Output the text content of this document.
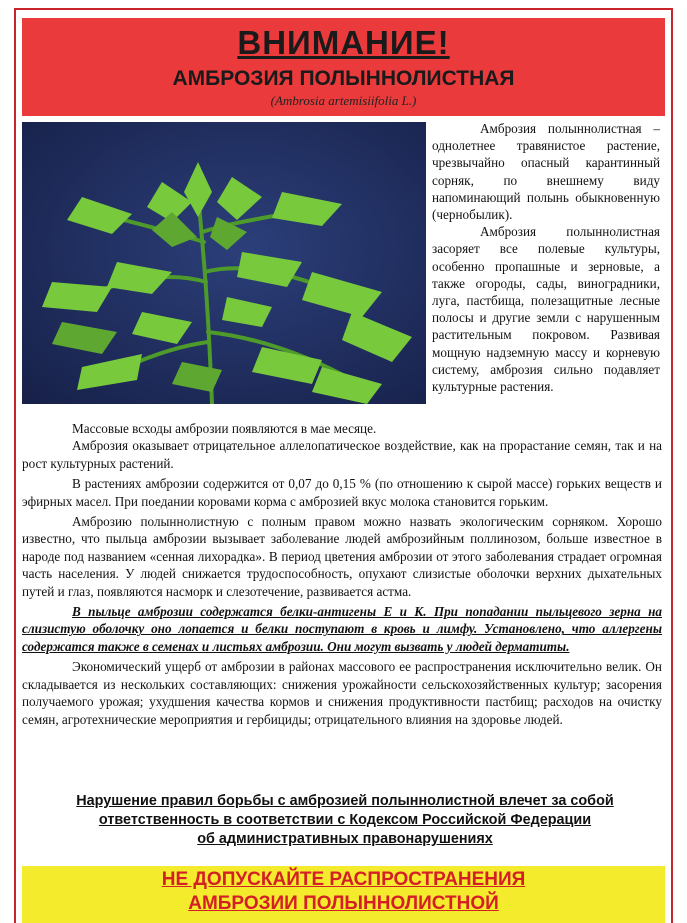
ВНИМАНИЕ!
АМБРОЗИЯ ПОЛЫННОЛИСТНАЯ
(Ambrosia artemisiifolia L.)

Амброзия полыннолистная – однолетнее травянистое растение, чрезвычайно опасный карантинный сорняк, по внешнему виду напоминающий полынь обыкновенную (чернобылик).

Амброзия полыннолистная засоряет все полевые культуры, особенно пропашные и зерновые, а также огороды, сады, виноградники, луга, пастбища, полезащитные лесные полосы и другие земли с нарушенным растительным покровом. Развивая мощную надземную массу и корневую систему, амброзия сильно подавляет культурные растения.

Массовые всходы амброзии появляются в мае месяце.

Амброзия оказывает отрицательное аллелопатическое воздействие, как на прорастание семян, так и на рост культурных растений.

В растениях амброзии содержится от 0,07 до 0,15 % (по отношению к сырой массе) горьких веществ и эфирных масел. При поедании коровами корма с амброзией вкус молока становится горьким.

Амброзию полыннолистную с полным правом можно назвать экологическим сорняком. Хорошо известно, что пыльца амброзии вызывает заболевание людей амброзийным поллинозом, больше известное в народе под названием «сенная лихорадка». В период цветения амброзии от этого заболевания страдает огромная часть населения. У людей снижается трудоспособность, опухают слизистые оболочки верхних дыхательных путей и глаз, появляются насморк и слезотечение, развивается астма.

В пыльце амброзии содержатся белки-антигены Е и К. При попадании пыльцевого зерна на слизистую оболочку оно лопается и белки поступают в кровь и лимфу. Установлено, что аллергены содержатся также в семенах и листьях амброзии. Они могут вызвать у людей дерматиты.

Экономический ущерб от амброзии в районах массового ее распространения исключительно велик. Он складывается из нескольких составляющих: снижения урожайности сельскохозяйственных культур; засорения получаемого урожая; ухудшения качества кормов и снижения продуктивности пастбищ; расходов на очистку семян, агротехнические мероприятия и гербициды; отрицательного влияния на здоровье людей.

Нарушение правил борьбы с амброзией полыннолистной влечет за собой
ответственность в соответствии с Кодексом Российской Федерации
об административных правонарушениях
НЕ ДОПУСКАЙТЕ РАСПРОСТРАНЕНИЯ
АМБРОЗИИ ПОЛЫННОЛИСТНОЙ
